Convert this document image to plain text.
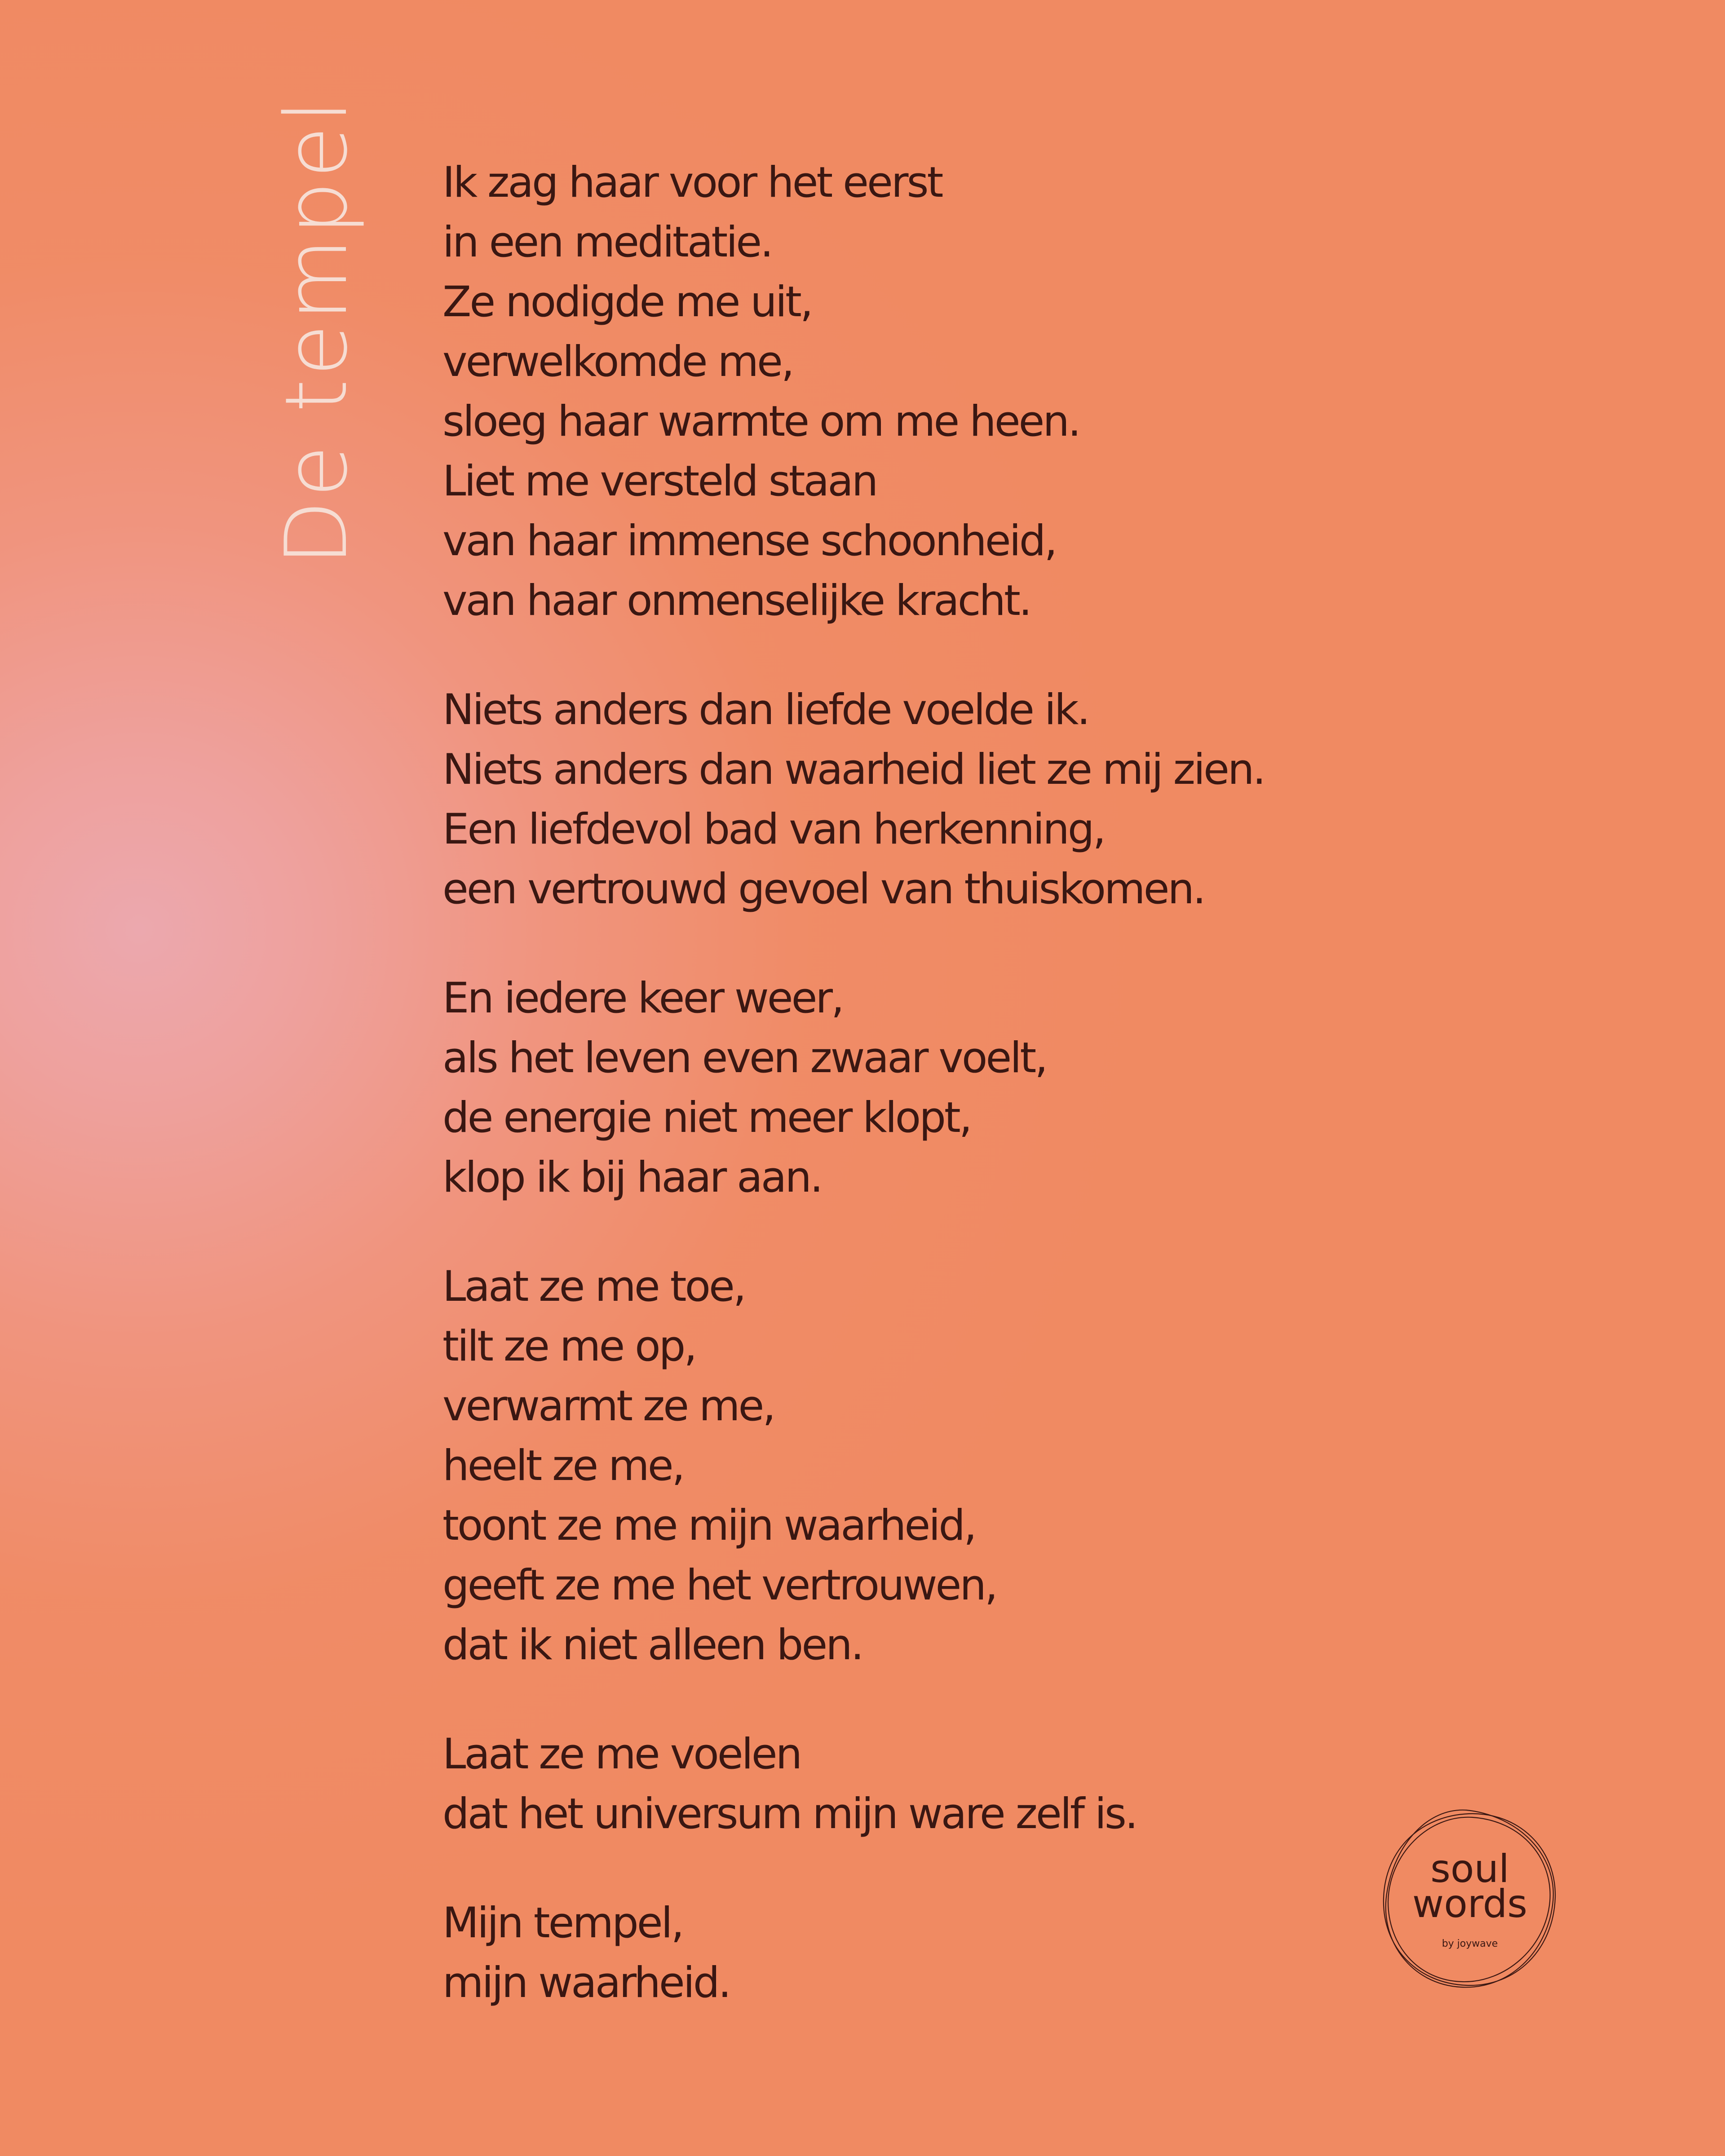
De tempel Ik zag haar voor het eerst
in een meditatie.
Ze nodigde me uit,
verwelkomde me,
sloeg haar warmte om me heen.
Liet me versteld staan
van haar immense schoonheid,
van haar onmenselijke kracht.
Niets anders dan liefde voelde ik.
Niets anders dan waarheid liet ze mij zien.
Een liefdevol bad van herkenning,
een vertrouwd gevoel van thuiskomen.
En iedere keer weer,
als het leven even zwaar voelt,
de energie niet meer klopt,
klop ik bij haar aan.
Laat ze me toe,
tilt ze me op,
verwarmt ze me,
heelt ze me,
toont ze me mijn waarheid,
geeft ze me het vertrouwen,
dat ik niet alleen ben.
Laat ze me voelen
dat het universum mijn ware zelf is.
Mijn tempel,
mijn waarheid.
soul
words
by joywave
